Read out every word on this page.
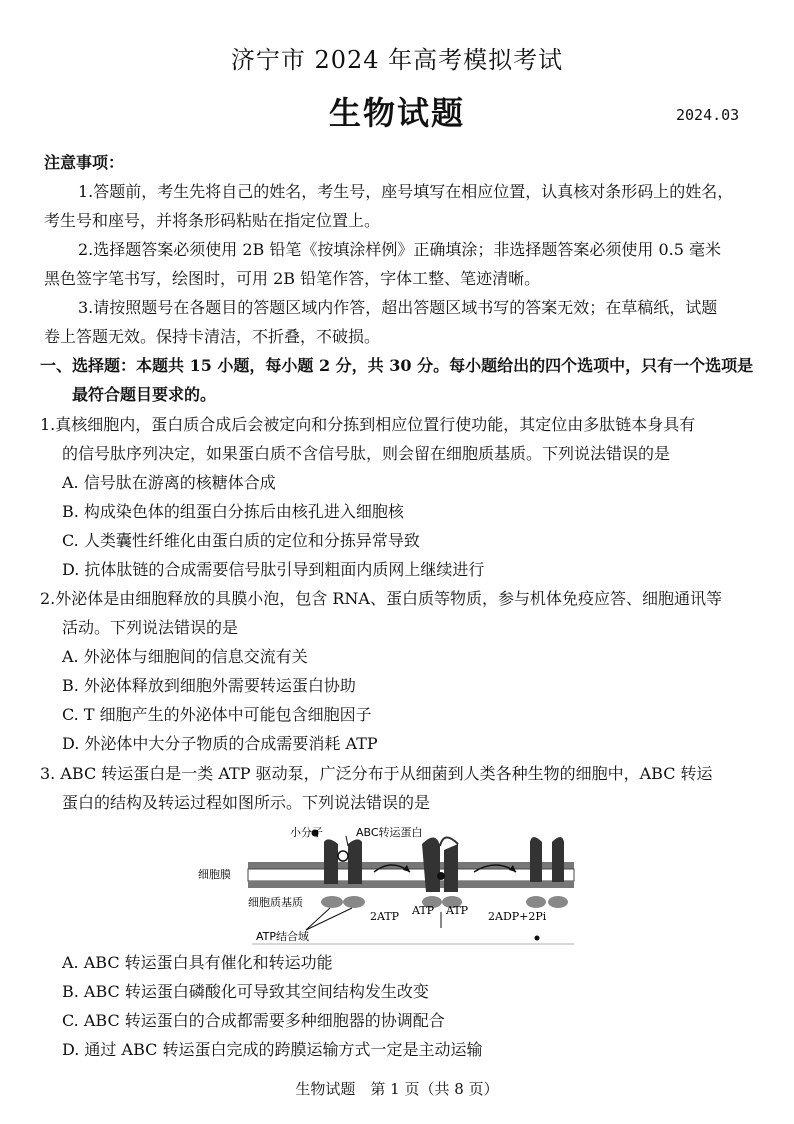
济宁市 2024 年高考模拟考试
生物试题	2024.03
注意事项：
1.答题前，考生先将自己的姓名，考生号，座号填写在相应位置，认真核对条形码上的姓名，
考生号和座号，并将条形码粘贴在指定位置上。
2.选择题答案必须使用 2B 铅笔《按填涂样例》正确填涂；非选择题答案必须使用 0.5 毫米
黑色签字笔书写，绘图时，可用 2B 铅笔作答，字体工整、笔迹清晰。
3.请按照题号在各题目的答题区域内作答，超出答题区域书写的答案无效；在草稿纸，试题
卷上答题无效。保持卡清洁，不折叠，不破损。
一、选择题：本题共 15 小题，每小题 2 分，共 30 分。每小题给出的四个选项中，只有一个选项是
最符合题目要求的。
1.真核细胞内，蛋白质合成后会被定向和分拣到相应位置行使功能，其定位由多肽链本身具有
的信号肽序列决定，如果蛋白质不含信号肽，则会留在细胞质基质。下列说法错误的是
A. 信号肽在游离的核糖体合成
B. 构成染色体的组蛋白分拣后由核孔进入细胞核
C. 人类囊性纤维化由蛋白质的定位和分拣异常导致
D. 抗体肽链的合成需要信号肽引导到粗面内质网上继续进行
2.外泌体是由细胞释放的具膜小泡，包含 RNA、蛋白质等物质，参与机体免疫应答、细胞通讯等
活动。下列说法错误的是
A. 外泌体与细胞间的信息交流有关
B. 外泌体释放到细胞外需要转运蛋白协助
C. T 细胞产生的外泌体中可能包含细胞因子
D. 外泌体中大分子物质的合成需要消耗 ATP
3. ABC 转运蛋白是一类 ATP 驱动泵，广泛分布于从细菌到人类各种生物的细胞中，ABC 转运
蛋白的结构及转运过程如图所示。下列说法错误的是
小分子	ABC转运蛋白
细胞膜
细胞质基质
2ATP ATP ATP 2ADP+2Pi
ATP结合域
A. ABC 转运蛋白具有催化和转运功能
B. ABC 转运蛋白磷酸化可导致其空间结构发生改变
C. ABC 转运蛋白的合成都需要多种细胞器的协调配合
D. 通过 ABC 转运蛋白完成的跨膜运输方式一定是主动运输
生物试题　第 1 页（共 8 页）
